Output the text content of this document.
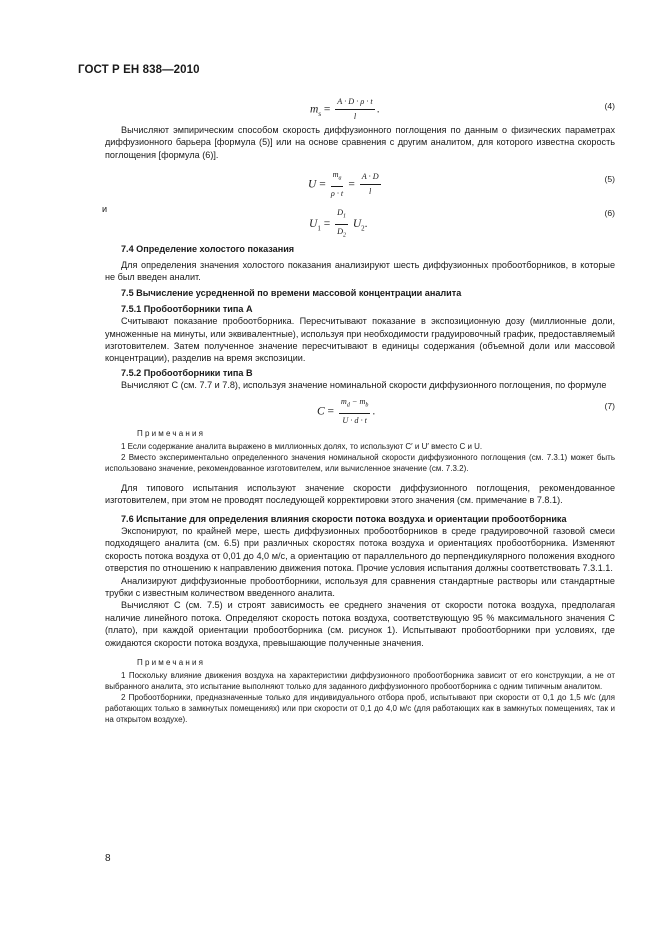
ГОСТ Р ЕН 838—2010
$m_s = \frac{A \cdot D \cdot \rho \cdot t}{l}$ .	(4)

Вычисляют эмпирическим способом скорость диффузионного поглощения по данным о физических параметрах диффузионного барьера [формула (5)] или на основе сравнения с другим аналитом, для которого известна скорость поглощения [формула (6)].

$U = \frac{m_a}{\rho \cdot t} = \frac{A \cdot D}{l}$	(5)
и
$U_1 = \frac{D_1}{D_2} U_2$.
(6)

7.4 Определение холостого показания

Для определения значения холостого показания анализируют шесть диффузионных пробоотборников, в которые не был введен аналит.

7.5 Вычисление усредненной по времени массовой концентрации аналита

7.5.1 Пробоотборники типа А

Считывают показание пробоотборника. Пересчитывают показание в экспозиционную дозу (миллионные доли, умноженные на минуты, или эквивалентные), используя при необходимости градуировочный график, предоставляемый изготовителем. Затем полученное значение пересчитывают в единицы содержания (объемной доли или массовой концентрации), разделив на время экспозиции.

7.5.2 Пробоотборники типа В

Вычисляют C (см. 7.7 и 7.8), используя значение номинальной скорости диффузионного поглощения, по формуле

$C = \frac{m_d - m_b}{U \cdot d \cdot t}$ .	(7)

Примечания

1 Если содержание аналита выражено в миллионных долях, то используют C′ и U′ вместо C и U.

2 Вместо экспериментально определенного значения номинальной скорости диффузионного поглощения (см. 7.3.1) может быть использовано значение, рекомендованное изготовителем, или вычисленное значение (см. 7.3.2).

Для типового испытания используют значение скорости диффузионного поглощения, рекомендованное изготовителем, при этом не проводят последующей корректировки этого значения (см. примечание в 7.8.1).

7.6 Испытание для определения влияния скорости потока воздуха и ориентации пробоотборника

Экспонируют, по крайней мере, шесть диффузионных пробоотборников в среде градуировочной газовой смеси подходящего аналита (см. 6.5) при различных скоростях потока воздуха и ориентациях пробоотборника. Изменяют скорость потока воздуха от 0,01 до 4,0 м/с, а ориентацию от параллельного до перпендикулярного положения входного отверстия по отношению к направлению движения потока. Прочие условия испытания должны соответствовать 7.3.1.1.

Анализируют диффузионные пробоотборники, используя для сравнения стандартные растворы или стандартные трубки с известным количеством введенного аналита.

Вычисляют C (см. 7.5) и строят зависимость ее среднего значения от скорости потока воздуха, предполагая наличие линейного потока. Определяют скорость потока воздуха, соответствующую 95 % максимального значения C (плато), при каждой ориентации пробоотборника (см. рисунок 1). Испытывают пробоотборники при условиях, где ожидаются скорости потока воздуха, превышающие полученные значения.

Примечания

1 Поскольку влияние движения воздуха на характеристики диффузионного пробоотборника зависит от его конструкции, а не от выбранного аналита, это испытание выполняют только для заданного диффузионного пробоотборника с одним типичным аналитом.

2 Пробоотборники, предназначенные только для индивидуального отбора проб, испытывают при скорости от 0,1 до 1,5 м/с (для работающих только в замкнутых помещениях) или при скорости от 0,1 до 4,0 м/с (для работающих как в замкнутых помещениях, так и на открытом воздухе).

8
